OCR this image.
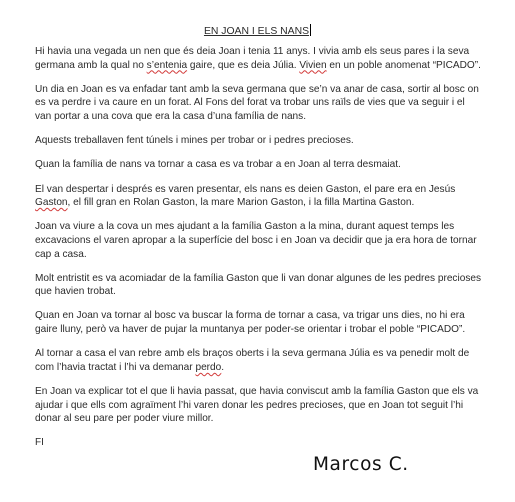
EN JOAN I ELS NANS

Hi havia una vegada un nen que és deia Joan i tenia 11 anys. I vivia amb els seus pares i la seva germana amb la qual no s’entenia gaire, que es deia Júlia. Vivien en un poble anomenat “PICADO”.

Un dia en Joan es va enfadar tant amb la seva germana que se’n va anar de casa, sortir al bosc on es va perdre i va caure en un forat. Al Fons del forat va trobar uns raïls de vies que va seguir i el van portar a una cova que era la casa d’una família de nans.

Aquests treballaven fent túnels i mines per trobar or i pedres precioses.

Quan la família de nans va tornar a casa es va trobar a en Joan al terra desmaiat.

El van despertar i després es varen presentar, els nans es deien Gaston, el pare era en Jesús Gaston, el fill gran en Rolan Gaston, la mare Marion Gaston, i la filla Martina Gaston.

Joan va viure a la cova un mes ajudant a la família Gaston a la mina, durant aquest temps les excavacions el varen apropar a la superfície del bosc i en Joan va decidir que ja era hora de tornar cap a casa.

Molt entristit es va acomiadar de la família Gaston que li van donar algunes de les pedres precioses que havien trobat.

Quan en Joan va tornar al bosc va buscar la forma de tornar a casa, va trigar uns dies, no hi era gaire lluny, però va haver de pujar la muntanya per poder-se orientar i trobar el poble “PICADO”.

Al tornar a casa el van rebre amb els braços oberts i la seva germana Júlia es va penedir molt de com l’havia tractat i l’hi va demanar perdo.

En Joan va explicar tot el que li havia passat, que havia conviscut amb la família Gaston que els va ajudar i que ells com agraïment l’hi varen donar les pedres precioses, que en Joan tot seguit l’hi donar al seu pare per poder viure millor.

FI

Marcos C.
